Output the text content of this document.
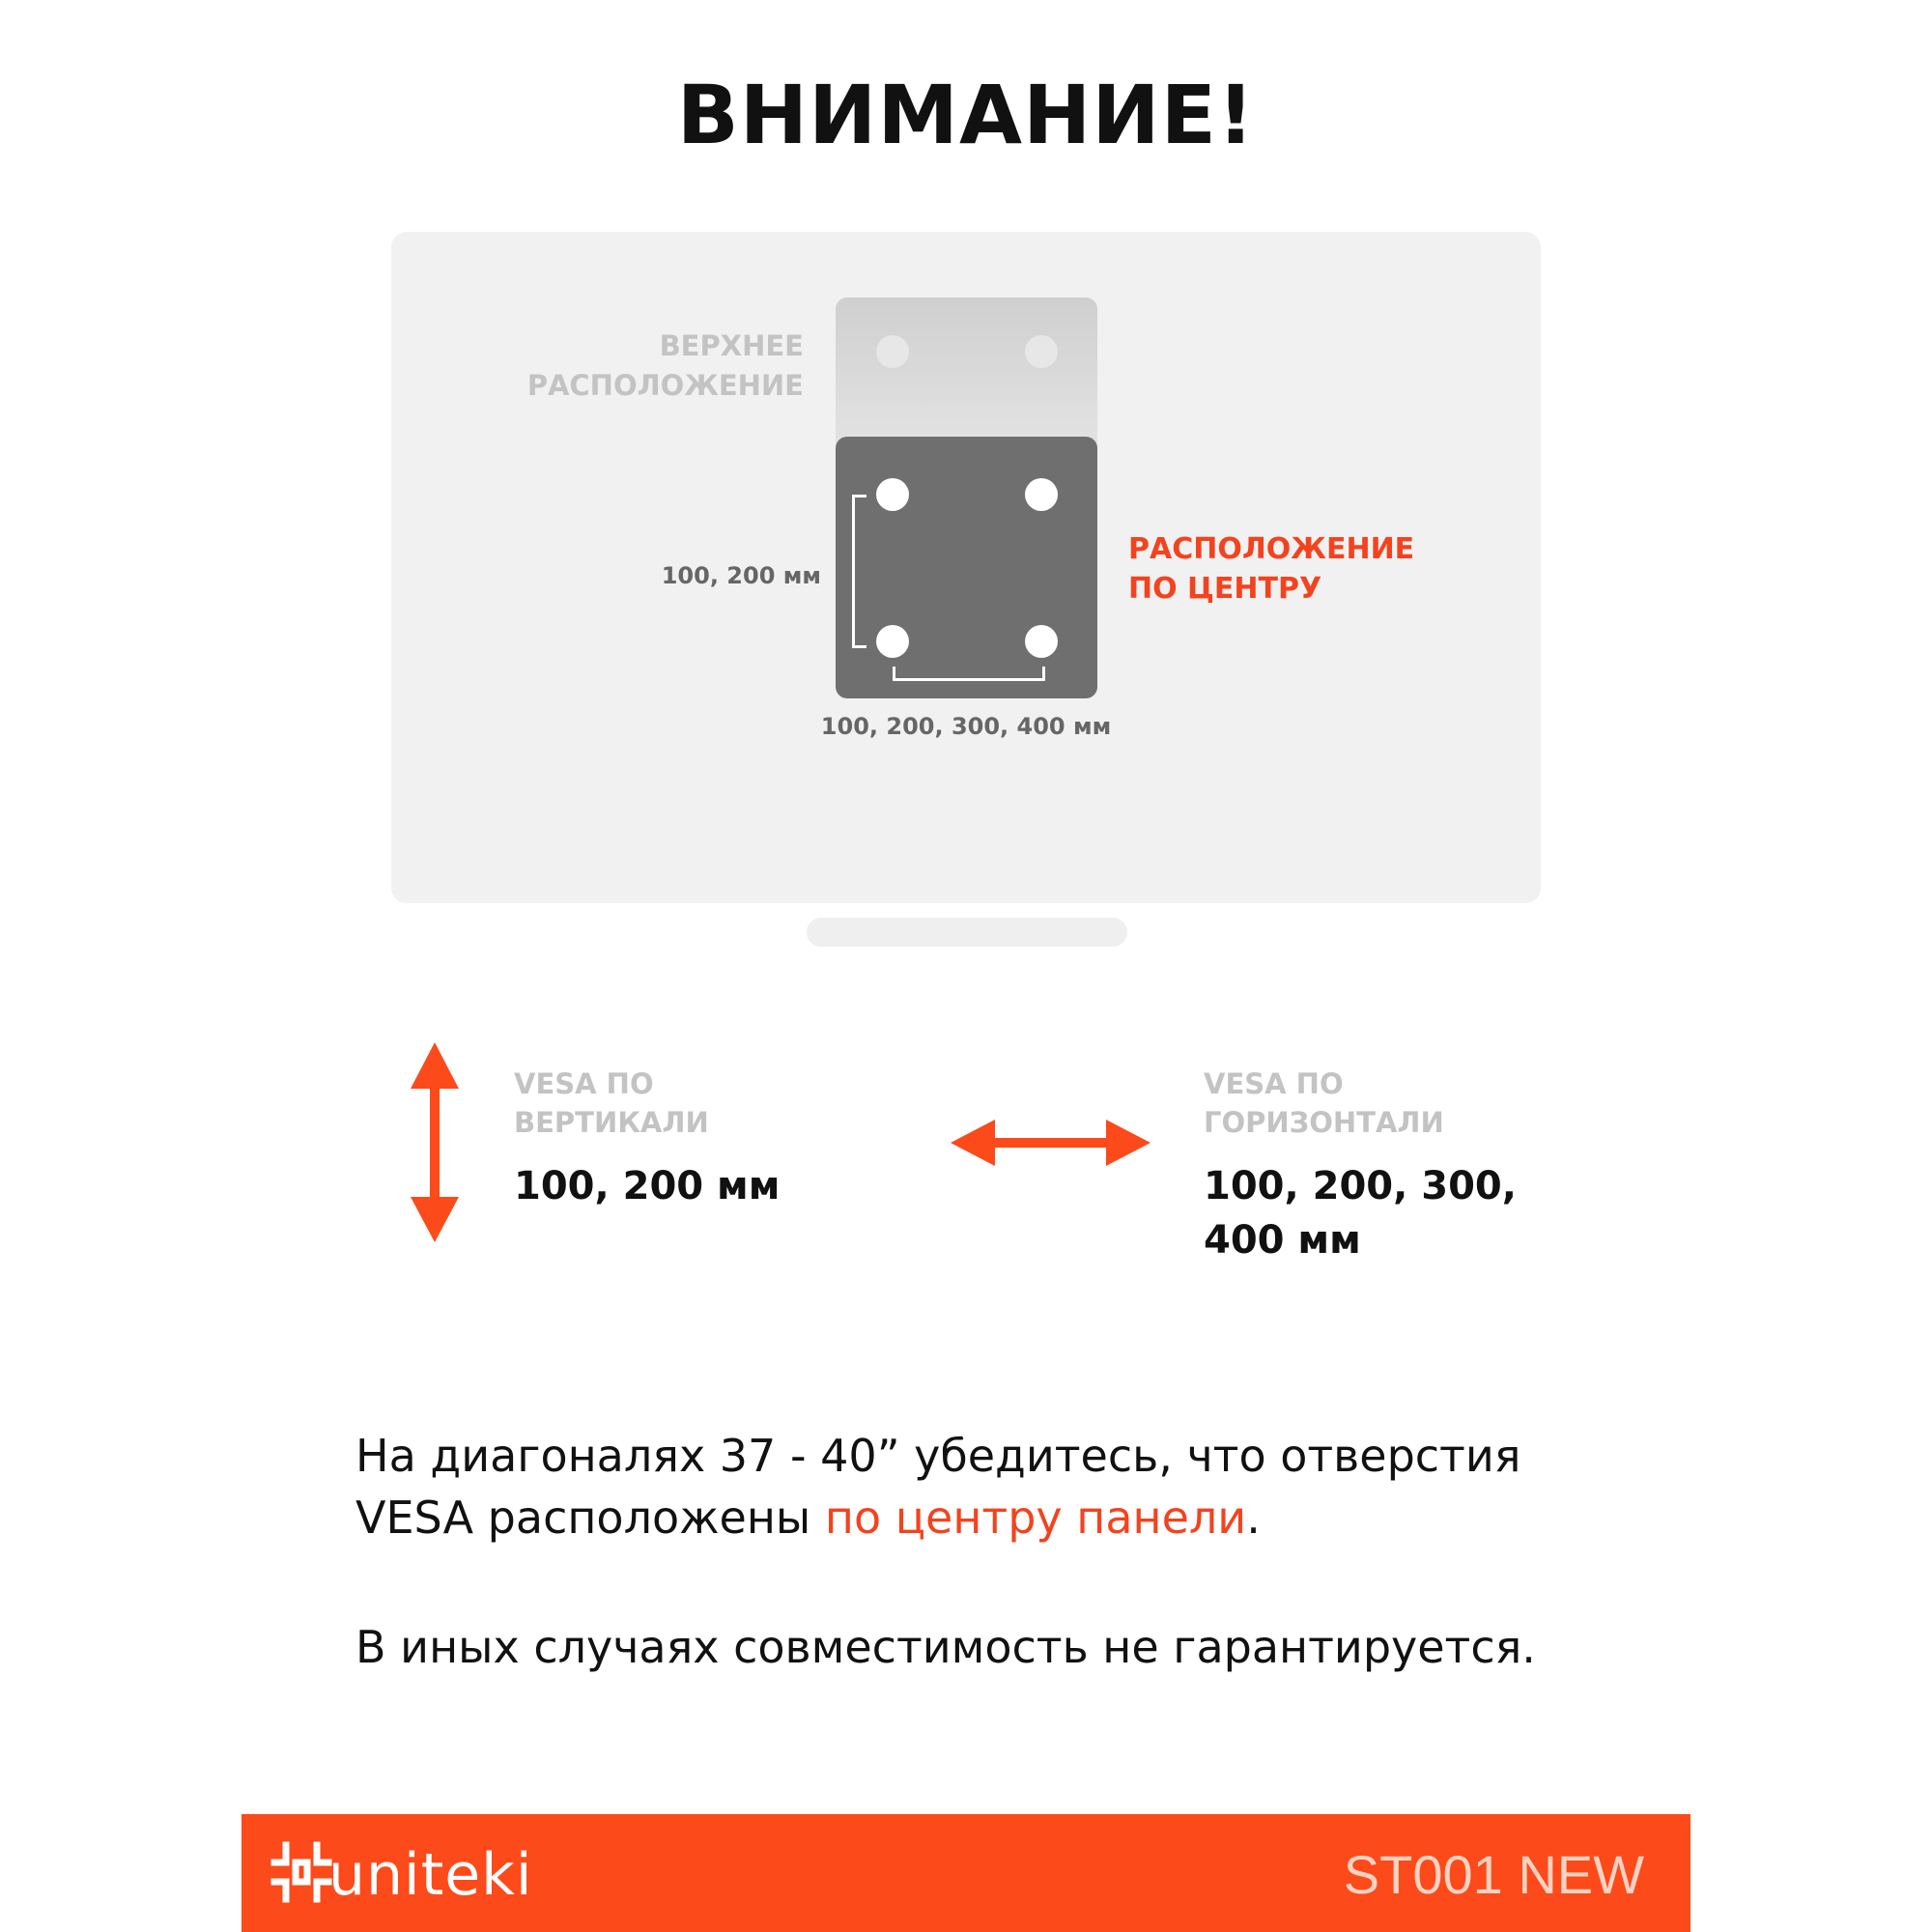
ВНИМАНИЕ!
ВЕРХНЕЕ
РАСПОЛОЖЕНИЕ
РАСПОЛОЖЕНИЕ
ПО ЦЕНТРУ
100, 200 мм
100, 200, 300, 400 мм
VESA ПО
ВЕРТИКАЛИ
100, 200 мм
VESA ПО
ГОРИЗОНТАЛИ
100, 200, 300,
400 мм
На диагоналях 37 - 40” убедитесь, что отверстия
VESA расположены по центру панели.
В иных случаях совместимость не гарантируется.
uniteki	ST001 NEW
